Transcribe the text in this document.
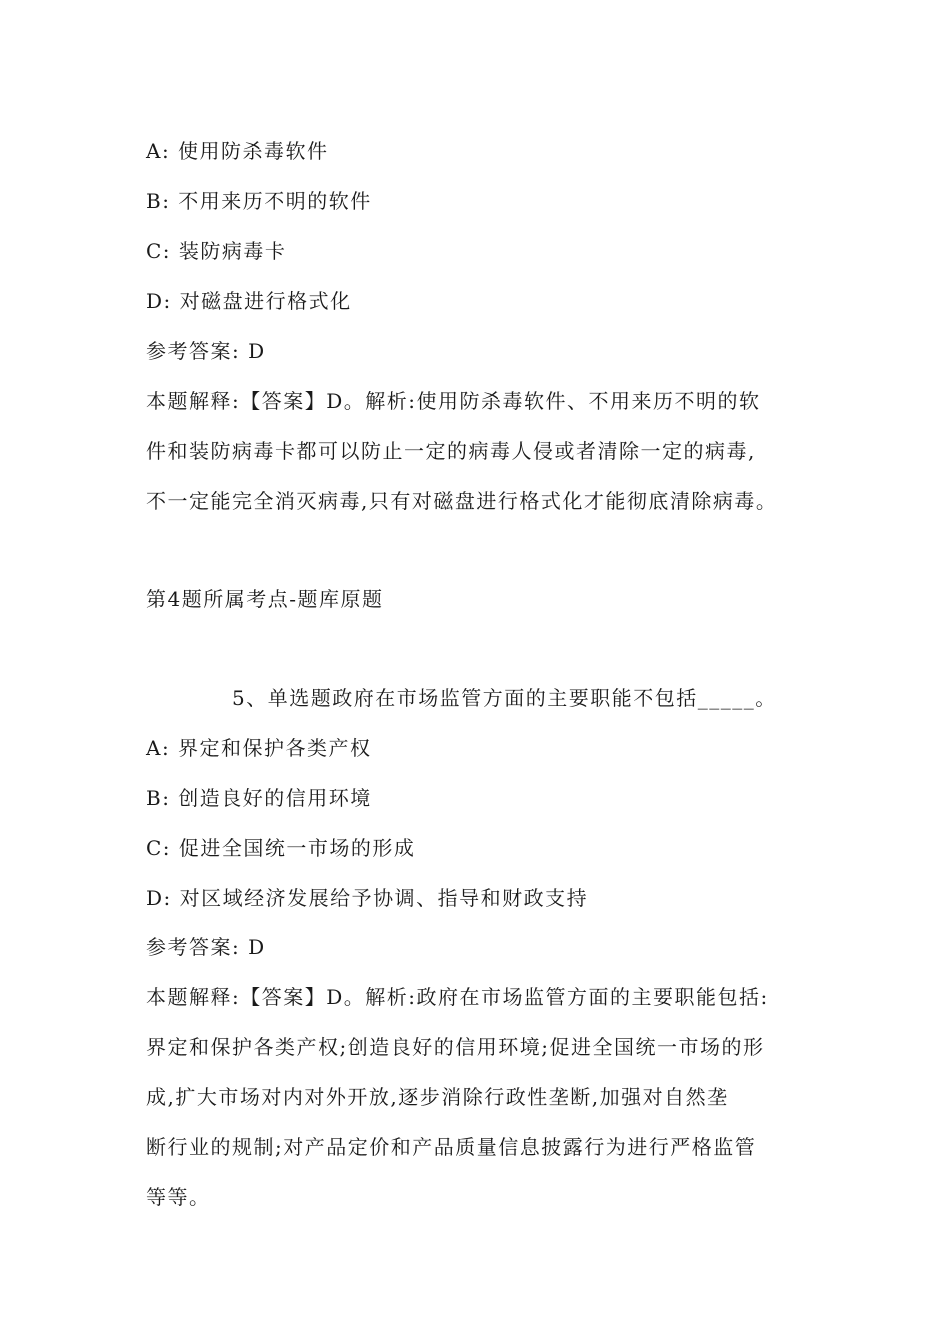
A: 使用防杀毒软件
B: 不用来历不明的软件
C: 装防病毒卡
D: 对磁盘进行格式化
参考答案: D
本题解释:【答案】D。解析:使用防杀毒软件、不用来历不明的软
件和装防病毒卡都可以防止一定的病毒人侵或者清除一定的病毒,
不一定能完全消灭病毒,只有对磁盘进行格式化才能彻底清除病毒。
第4题所属考点-题库原题
5、单选题政府在市场监管方面的主要职能不包括_____。
A: 界定和保护各类产权
B: 创造良好的信用环境
C: 促进全国统一市场的形成
D: 对区域经济发展给予协调、指导和财政支持
参考答案: D
本题解释:【答案】D。解析:政府在市场监管方面的主要职能包括:
界定和保护各类产权;创造良好的信用环境;促进全国统一市场的形
成,扩大市场对内对外开放,逐步消除行政性垄断,加强对自然垄
断行业的规制;对产品定价和产品质量信息披露行为进行严格监管
等等。
